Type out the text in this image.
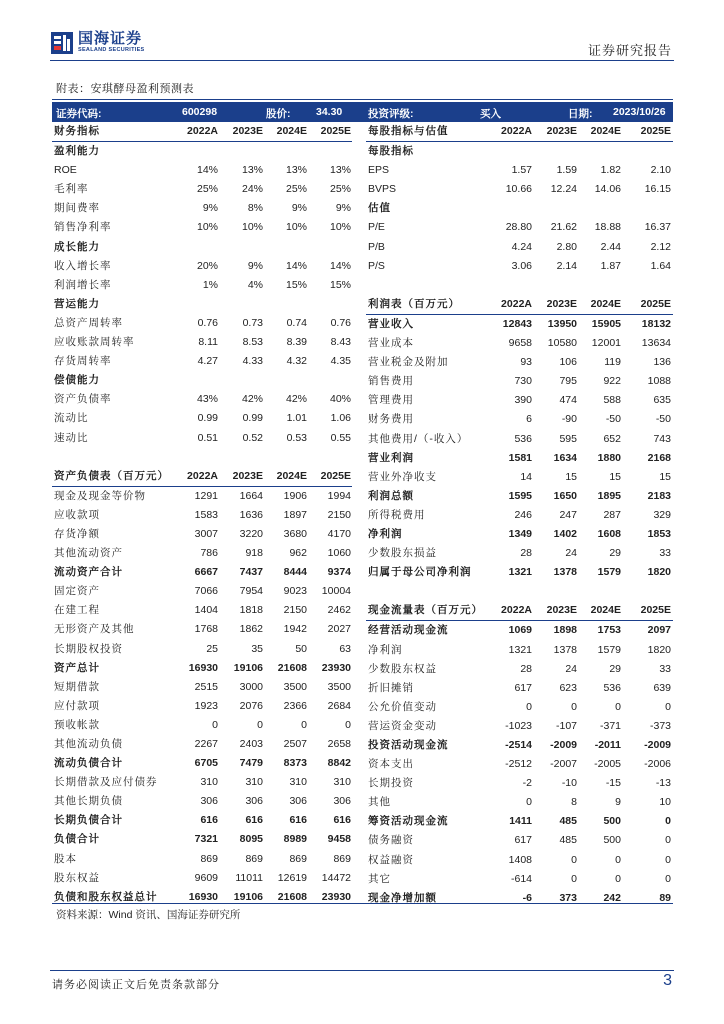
国海证券
SEALAND SECURITIES	证券研究报告
附表：安琪酵母盈利预测表
证券代码:	600298	股价: 34.30 投资评级:	买入	日期: 2023/10/26
财务指标	2022A	2023E	2024E	2025E
盈利能力
ROE	14%	13%	13%	13%
毛利率	25%	24%	25%	25%
期间费率	9%	8%	9%	9%
销售净利率	10%	10%	10%	10%
成长能力
收入增长率	20%	9%	14%	14%
利润增长率	1%	4%	15%	15%
营运能力
总资产周转率	0.76	0.73	0.74	0.76
应收账款周转率	8.11	8.53	8.39	8.43
存货周转率	4.27	4.33	4.32	4.35
偿债能力
资产负债率	43%	42%	42%	40%
流动比	0.99	0.99	1.01	1.06
速动比	0.51	0.52	0.53	0.55
资产负债表（百万元）	2022A	2023E	2024E	2025E
现金及现金等价物	1291	1664	1906	1994
应收款项	1583	1636	1897	2150
存货净额	3007	3220	3680	4170
其他流动资产	786	918	962	1060
流动资产合计	6667	7437	8444	9374
固定资产	7066	7954	9023	10004
在建工程	1404	1818	2150	2462
无形资产及其他	1768	1862	1942	2027
长期股权投资	25	35	50	63
资产总计	16930	19106	21608	23930
短期借款	2515	3000	3500	3500
应付款项	1923	2076	2366	2684
预收帐款	0	0	0	0
其他流动负债	2267	2403	2507	2658
流动负债合计	6705	7479	8373	8842
长期借款及应付债券	310	310	310	310
其他长期负债	306	306	306	306
长期负债合计	616	616	616	616
负债合计	7321	8095	8989	9458
股本	869	869	869	869
股东权益	9609	11011	12619	14472
负债和股东权益总计	16930	19106	21608	23930
每股指标与估值	2022A	2023E	2024E	2025E
每股指标
EPS	1.57	1.59	1.82	2.10
BVPS	10.66	12.24	14.06	16.15
估值
P/E	28.80	21.62	18.88	16.37
P/B	4.24	2.80	2.44	2.12
P/S	3.06	2.14	1.87	1.64
利润表（百万元）	2022A	2023E	2024E	2025E
营业收入	12843	13950	15905	18132
营业成本	9658	10580	12001	13634
营业税金及附加	93	106	119	136
销售费用	730	795	922	1088
管理费用	390	474	588	635
财务费用	6	-90	-50	-50
其他费用/（-收入）	536	595	652	743
营业利润	1581	1634	1880	2168
营业外净收支	14	15	15	15
利润总额	1595	1650	1895	2183
所得税费用	246	247	287	329
净利润	1349	1402	1608	1853
少数股东损益	28	24	29	33
归属于母公司净利润	1321	1378	1579	1820
现金流量表（百万元）	2022A	2023E	2024E	2025E
经营活动现金流	1069	1898	1753	2097
净利润	1321	1378	1579	1820
少数股东权益	28	24	29	33
折旧摊销	617	623	536	639
公允价值变动	0	0	0	0
营运资金变动	-1023	-107	-371	-373
投资活动现金流	-2514	-2009	-2011	-2009
资本支出	-2512	-2007	-2005	-2006
长期投资	-2	-10	-15	-13
其他	0	8	9	10
筹资活动现金流	1411	485	500	0
债务融资	617	485	500	0
权益融资	1408	0	0	0
其它	-614	0	0	0
现金净增加额	-6	373	242	89
资料来源：Wind 资讯、国海证券研究所
请务必阅读正文后免责条款部分	3
